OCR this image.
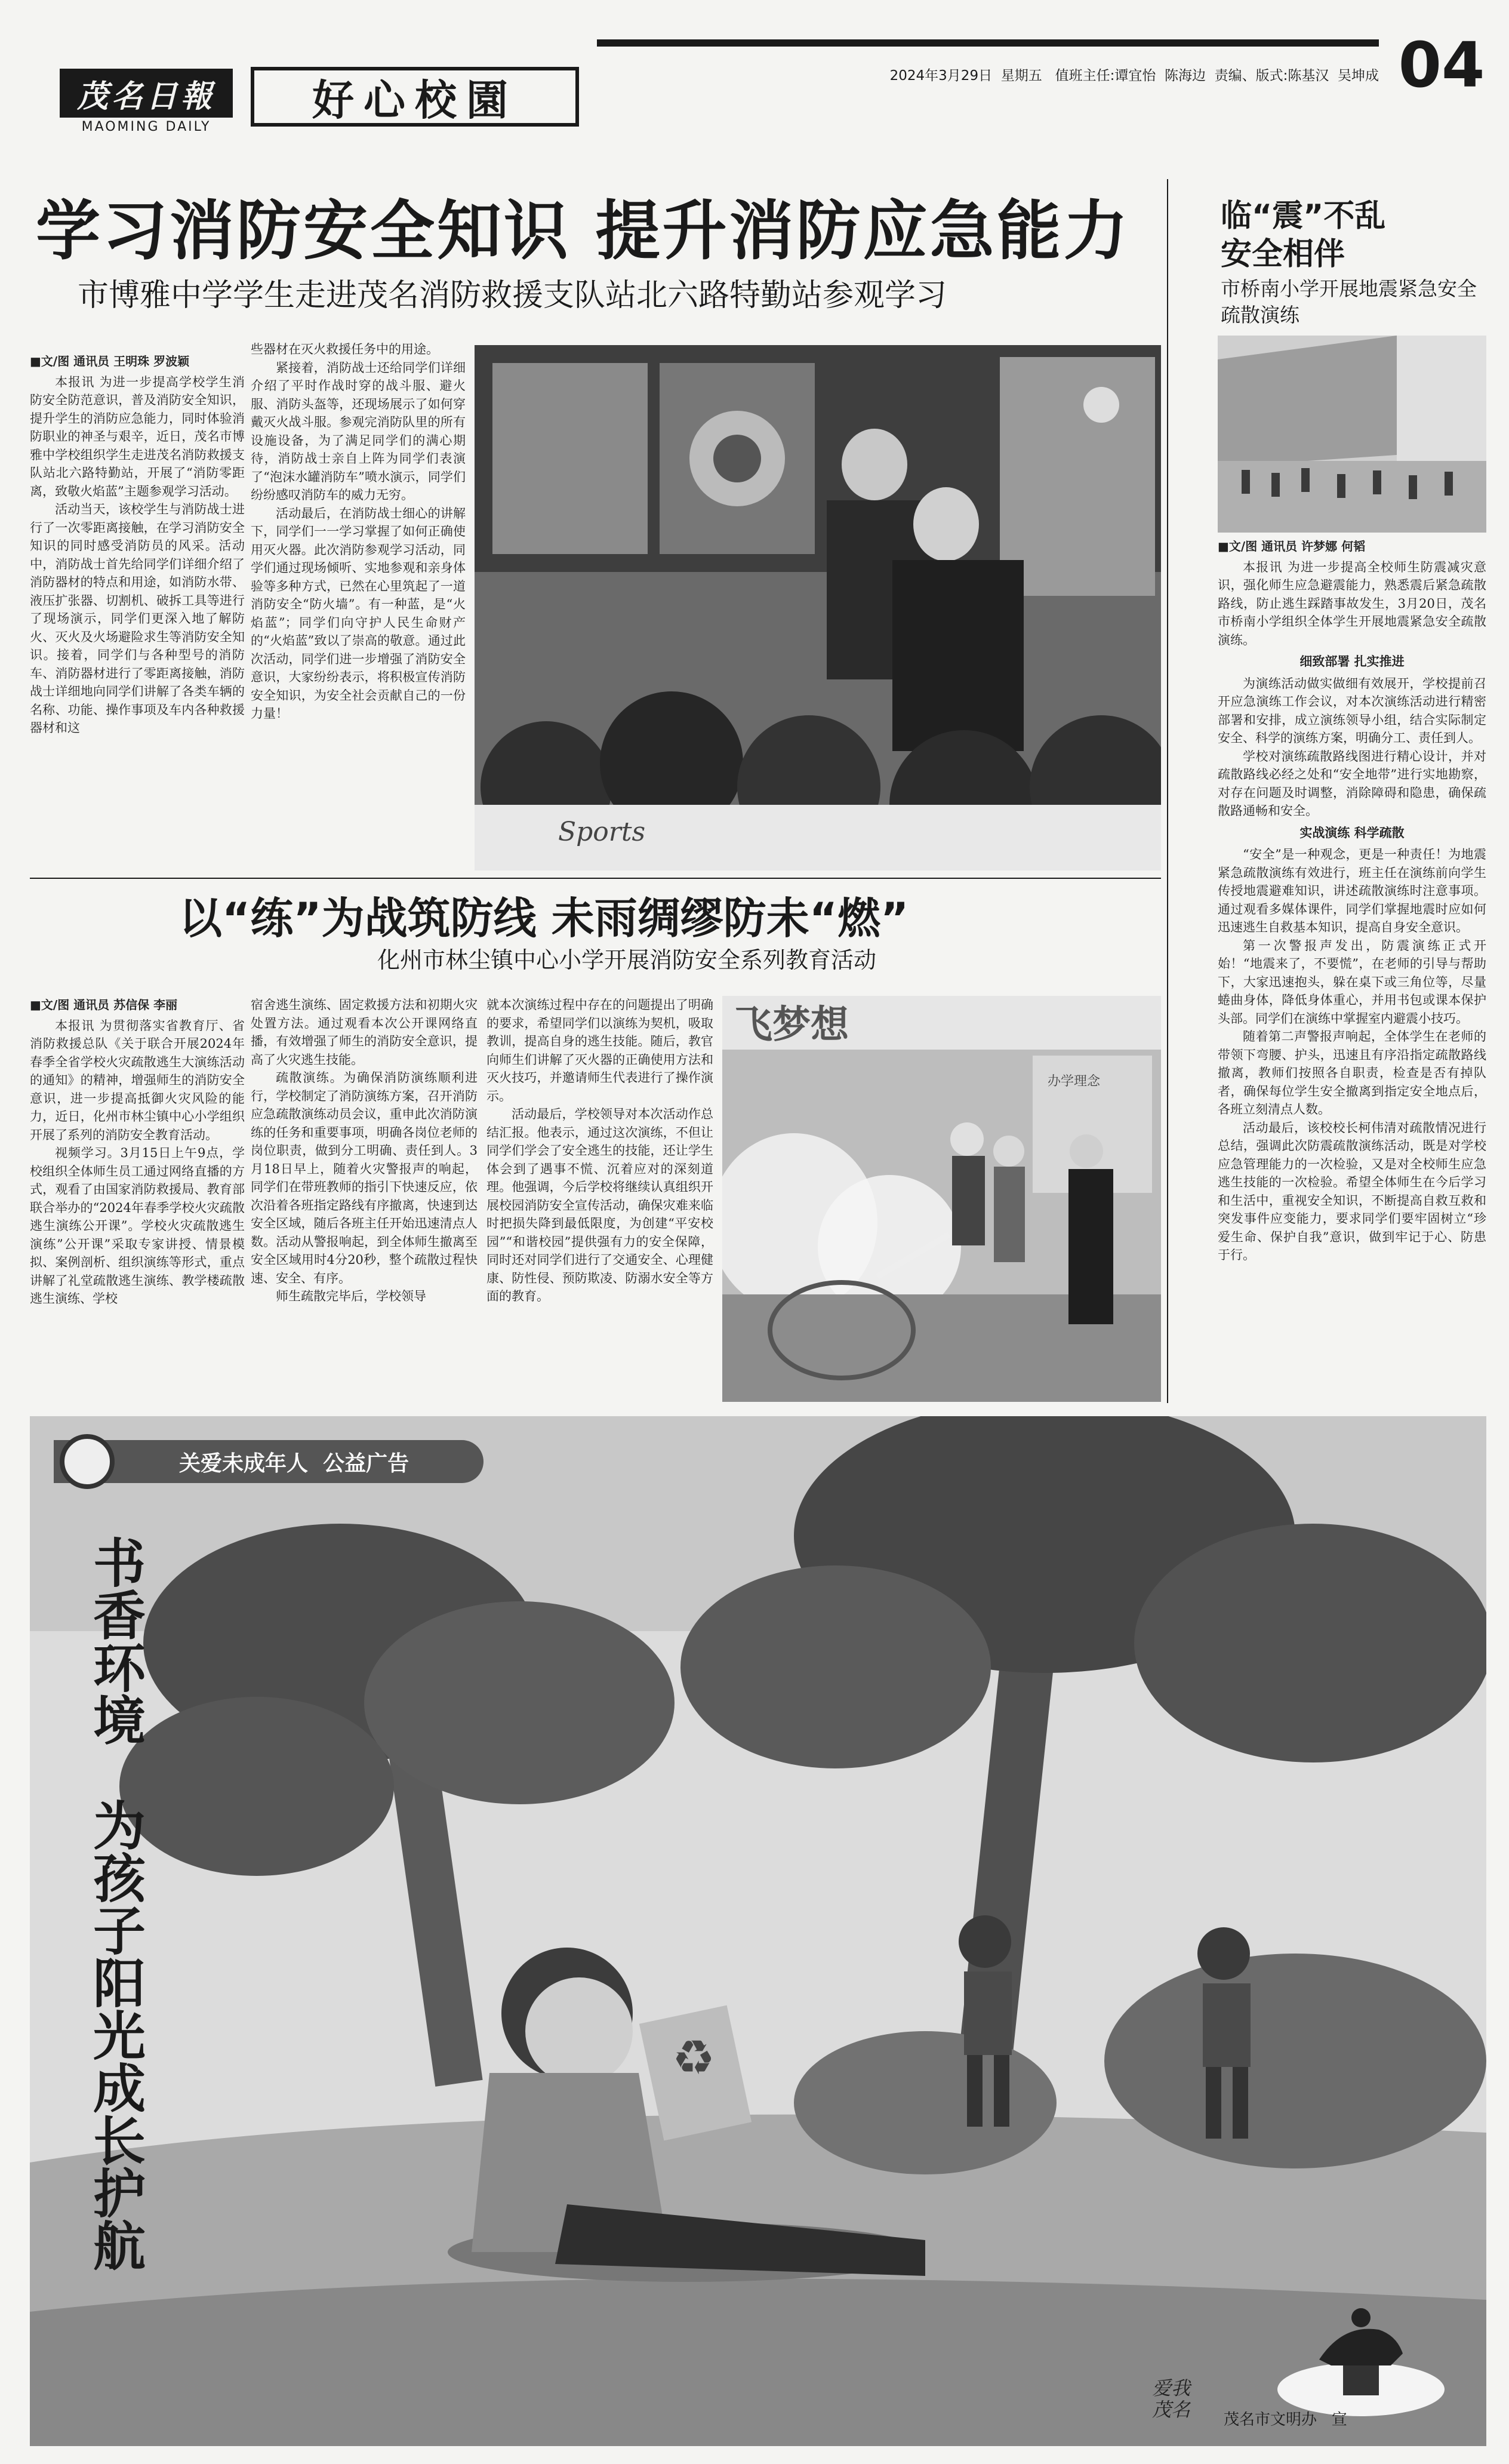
茂名日報
MAOMING DAILY
好心校園	2024年3月29日  星期五   值班主任:谭宜怡  陈海边  责编、版式:陈基汉  吴坤成 04
学习消防安全知识 提升消防应急能力
市博雅中学学生走进茂名消防救援支队站北六路特勤站参观学习
■文/图 通讯员 王明珠 罗波颖

本报讯 为进一步提高学校学生消防安全防范意识，普及消防安全知识，提升学生的消防应急能力，同时体验消防职业的神圣与艰辛，近日，茂名市博雅中学校组织学生走进茂名消防救援支队站北六路特勤站，开展了“消防零距离，致敬火焰蓝”主题参观学习活动。

活动当天，该校学生与消防战士进行了一次零距离接触，在学习消防安全知识的同时感受消防员的风采。活动中，消防战士首先给同学们详细介绍了消防器材的特点和用途，如消防水带、液压扩张器、切割机、破拆工具等进行了现场演示，同学们更深入地了解防火、灭火及火场避险求生等消防安全知识。接着，同学们与各种型号的消防车、消防器材进行了零距离接触，消防战士详细地向同学们讲解了各类车辆的名称、功能、操作事项及车内各种救援器材和这

些器材在灭火救援任务中的用途。

紧接着，消防战士还给同学们详细介绍了平时作战时穿的战斗服、避火服、消防头盔等，还现场展示了如何穿戴灭火战斗服。参观完消防队里的所有设施设备，为了满足同学们的满心期待，消防战士亲自上阵为同学们表演了“泡沫水罐消防车”喷水演示，同学们纷纷感叹消防车的威力无穷。

活动最后，在消防战士细心的讲解下，同学们一一学习掌握了如何正确使用灭火器。此次消防参观学习活动，同学们通过现场倾听、实地参观和亲身体验等多种方式，已然在心里筑起了一道消防安全“防火墙”。有一种蓝，是“火焰蓝”；同学们向守护人民生命财产的“火焰蓝”致以了崇高的敬意。通过此次活动，同学们进一步增强了消防安全意识，大家纷纷表示，将积极宣传消防安全知识，为安全社会贡献自己的一份力量！

Sports
以“练”为战筑防线 未雨绸缪防未“燃”
化州市林尘镇中心小学开展消防安全系列教育活动
■文/图 通讯员 苏信保 李丽

本报讯 为贯彻落实省教育厅、省消防救援总队《关于联合开展2024年春季全省学校火灾疏散逃生大演练活动的通知》的精神，增强师生的消防安全意识，进一步提高抵御火灾风险的能力，近日，化州市林尘镇中心小学组织开展了系列的消防安全教育活动。

视频学习。3月15日上午9点，学校组织全体师生员工通过网络直播的方式，观看了由国家消防救援局、教育部联合举办的“2024年春季学校火灾疏散逃生演练公开课”。学校火灾疏散逃生演练”公开课”采取专家讲授、情景模拟、案例剖析、组织演练等形式，重点讲解了礼堂疏散逃生演练、教学楼疏散逃生演练、学校

宿舍逃生演练、固定救援方法和初期火灾处置方法。通过观看本次公开课网络直播，有效增强了师生的消防安全意识，提高了火灾逃生技能。

疏散演练。为确保消防演练顺利进行，学校制定了消防演练方案，召开消防应急疏散演练动员会议，重申此次消防演练的任务和重要事项，明确各岗位老师的岗位职责，做到分工明确、责任到人。3月18日早上，随着火灾警报声的响起，同学们在带班教师的指引下快速反应，依次沿着各班指定路线有序撤离，快速到达安全区域，随后各班主任开始迅速清点人数。活动从警报响起，到全体师生撤离至安全区域用时4分20秒，整个疏散过程快速、安全、有序。

师生疏散完毕后，学校领导

就本次演练过程中存在的问题提出了明确的要求，希望同学们以演练为契机，吸取教训，提高自身的逃生技能。随后，教官向师生们讲解了灭火器的正确使用方法和灭火技巧，并邀请师生代表进行了操作演示。

活动最后，学校领导对本次活动作总结汇报。他表示，通过这次演练，不但让同学们学会了安全逃生的技能，还让学生体会到了遇事不慌、沉着应对的深刻道理。他强调，今后学校将继续认真组织开展校园消防安全宣传活动，确保灾难来临时把损失降到最低限度，为创建“平安校园”“和谐校园”提供强有力的安全保障，同时还对同学们进行了交通安全、心理健康、防性侵、预防欺凌、防溺水安全等方面的教育。

飞梦想
办学理念
临“震”不乱
安全相伴
市桥南小学开展地震紧急安全疏散演练
■文/图 通讯员 许梦娜 何韬

本报讯 为进一步提高全校师生防震减灾意识，强化师生应急避震能力，熟悉震后紧急疏散路线，防止逃生踩踏事故发生，3月20日，茂名市桥南小学组织全体学生开展地震紧急安全疏散演练。

细致部署 扎实推进

为演练活动做实做细有效展开，学校提前召开应急演练工作会议，对本次演练活动进行精密部署和安排，成立演练领导小组，结合实际制定安全、科学的演练方案，明确分工、责任到人。

学校对演练疏散路线图进行精心设计，并对疏散路线必经之处和“安全地带”进行实地勘察，对存在问题及时调整，消除障碍和隐患，确保疏散路通畅和安全。

实战演练 科学疏散

“安全”是一种观念，更是一种责任！为地震紧急疏散演练有效进行，班主任在演练前向学生传授地震避难知识，讲述疏散演练时注意事项。通过观看多媒体课件，同学们掌握地震时应如何迅速逃生自救基本知识，提高自身安全意识。

第一次警报声发出，防震演练正式开始！“地震来了，不要慌”，在老师的引导与帮助下，大家迅速抱头，躲在桌下或三角位等，尽量蜷曲身体，降低身体重心，并用书包或课本保护头部。同学们在演练中掌握室内避震小技巧。

随着第二声警报声响起，全体学生在老师的带领下弯腰、护头，迅速且有序沿指定疏散路线撤离，教师们按照各自职责，检查是否有掉队者，确保每位学生安全撤离到指定安全地点后，各班立刻清点人数。

活动最后，该校校长柯伟清对疏散情况进行总结，强调此次防震疏散演练活动，既是对学校应急管理能力的一次检验，又是对全校师生应急逃生技能的一次检验。希望全体师生在今后学习和生活中，重视安全知识，不断提高自救互救和突发事件应变能力，要求同学们要牢固树立“珍爱生命、保护自我”意识，做到牢记于心、防患于行。

关爱未成年人  公益广告
书香环境
为孩子阳光成长护航	♻
爱我
茂名	茂名市文明办   宣
